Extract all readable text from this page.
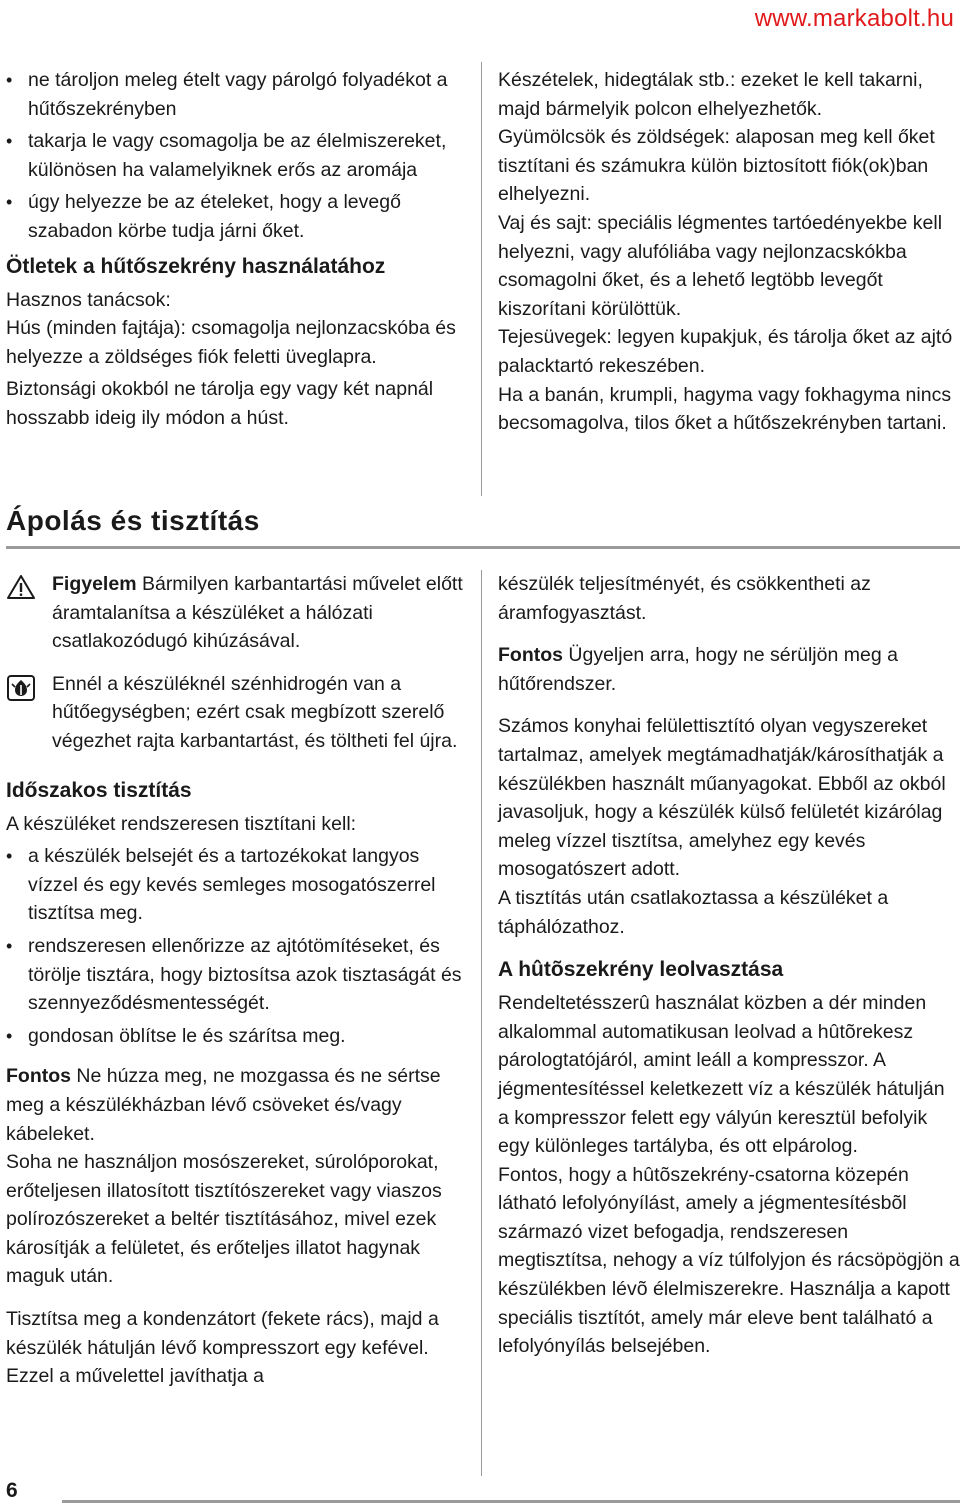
www.markabolt.hu
• ne tároljon meleg ételt vagy párolgó folyadékot a hűtőszekrényben
• takarja le vagy csomagolja be az élelmiszereket, különösen ha valamelyiknek erős az aromája
• úgy helyezze be az ételeket, hogy a levegő szabadon körbe tudja járni őket.

Ötletek a hűtőszekrény használatához

Hasznos tanácsok:

Hús (minden fajtája): csomagolja nejlonzacskóba és helyezze a zöldséges fiók feletti üveglapra.

Biztonsági okokból ne tárolja egy vagy két napnál hosszabb ideig ily módon a húst.

Készételek, hidegtálak stb.: ezeket le kell takarni, majd bármelyik polcon elhelyezhetők.

Gyümölcsök és zöldségek: alaposan meg kell őket tisztítani és számukra külön biztosított fiók(ok)ban elhelyezni.

Vaj és sajt: speciális légmentes tartóedényekbe kell helyezni, vagy alufóliába vagy nejlonzacskókba csomagolni őket, és a lehető legtöbb levegőt kiszorítani körülöttük.

Tejesüvegek: legyen kupakjuk, és tárolja őket az ajtó palacktartó rekeszében.

Ha a banán, krumpli, hagyma vagy fokhagyma nincs becsomagolva, tilos őket a hűtőszekrényben tartani.

Ápolás és tisztítás

Figyelem Bármilyen karbantartási művelet előtt áramtalanítsa a készüléket a hálózati csatlakozódugó kihúzásával.

Ennél a készüléknél szénhidrogén van a hűtőegységben; ezért csak megbízott szerelő végezhet rajta karbantartást, és töltheti fel újra.

Időszakos tisztítás

A készüléket rendszeresen tisztítani kell:

• a készülék belsejét és a tartozékokat langyos vízzel és egy kevés semleges mosogatószerrel tisztítsa meg.
• rendszeresen ellenőrizze az ajtótömítéseket, és törölje tisztára, hogy biztosítsa azok tisztaságát és szennyeződésmentességét.
• gondosan öblítse le és szárítsa meg.

Fontos Ne húzza meg, ne mozgassa és ne sértse meg a készülékházban lévő csöveket és/vagy kábeleket.

Soha ne használjon mosószereket, súrolóporokat, erőteljesen illatosított tisztítószereket vagy viaszos polírozószereket a beltér tisztításához, mivel ezek károsítják a felületet, és erőteljes illatot hagynak maguk után.

Tisztítsa meg a kondenzátort (fekete rács), majd a készülék hátulján lévő kompresszort egy kefével. Ezzel a művelettel javíthatja a

készülék teljesítményét, és csökkentheti az áramfogyasztást.

Fontos Ügyeljen arra, hogy ne sérüljön meg a hűtőrendszer.

Számos konyhai felülettisztító olyan vegyszereket tartalmaz, amelyek megtámadhatják/károsíthatják a készülékben használt műanyagokat. Ebből az okból javasoljuk, hogy a készülék külső felületét kizárólag meleg vízzel tisztítsa, amelyhez egy kevés mosogatószert adott.

A tisztítás után csatlakoztassa a készüléket a táphálózathoz.

A hûtõszekrény leolvasztása

Rendeltetésszerû használat közben a dér minden alkalommal automatikusan leolvad a hûtõrekesz párologtatójáról, amint leáll a kompresszor. A jégmentesítéssel keletkezett víz a készülék hátulján a kompresszor felett egy vályún keresztül befolyik egy különleges tartályba, és ott elpárolog.

Fontos, hogy a hûtõszekrény-csatorna közepén látható lefolyónyílást, amely a jégmentesítésbõl származó vizet befogadja, rendszeresen megtisztítsa, nehogy a víz túlfolyjon és rácsöpögjön a készülékben lévõ élelmiszerekre. Használja a kapott speciális tisztítót, amely már eleve bent található a lefolyónyílás belsejében.

6
